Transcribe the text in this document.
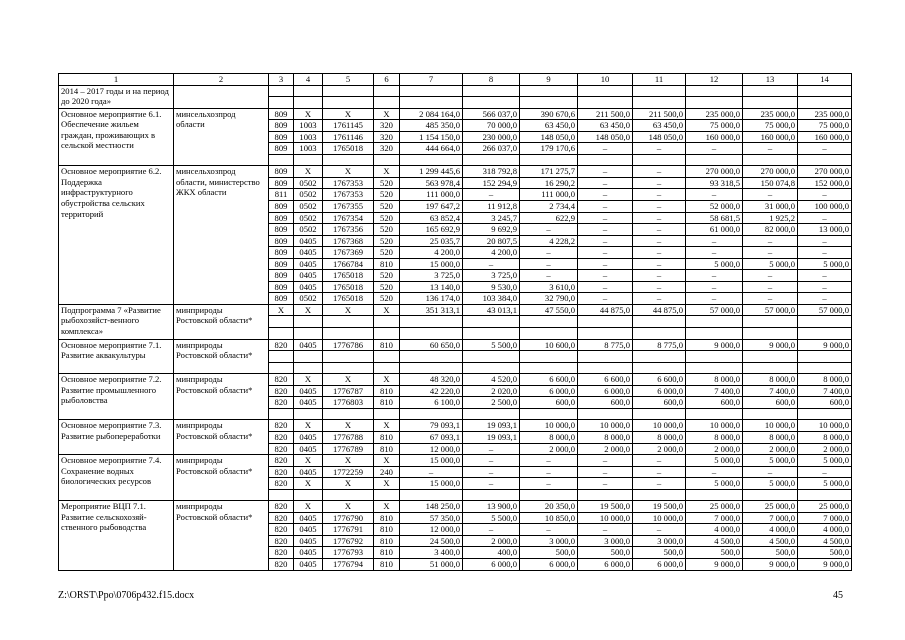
1	2	3	4	5	6	7	8	9	10	11	12	13	14
2014 – 2017 годы и на период до 2020 года»													

Основное мероприятие 6.1. Обеспечение жильем граждан, проживающих в сельской местности	минсельхозпрод области	809	Х	Х	Х	2 084 164,0	566 037,0	390 670,6	211 500,0	211 500,0	235 000,0	235 000,0	235 000,0
		809	1003	1761145	320	485 350,0	70 000,0	63 450,0	63 450,0	63 450,0	75 000,0	75 000,0	75 000,0
		809	1003	1761146	320	1 154 150,0	230 000,0	148 050,0	148 050,0	148 050,0	160 000,0	160 000,0	160 000,0
		809	1003	1765018	320	444 664,0	266 037,0	179 170,6	–	–	–	–	–

Основное мероприятие 6.2. Поддержка инфраструктурного обустройства сельских территорий	минсельхозпрод области, министерство ЖКХ области	809	Х	Х	Х	1 299 445,6	318 792,8	171 275,7	–	–	270 000,0	270 000,0	270 000,0
		809	0502	1767353	520	563 978,4	152 294,9	16 290,2	–	–	93 318,5	150 074,8	152 000,0
		811	0502	1767353	520	111 000,0	–	111 000,0	–	–	–	–	–
		809	0502	1767355	520	197 647,2	11 912,8	2 734,4	–	–	52 000,0	31 000,0	100 000,0
		809	0502	1767354	520	63 852,4	3 245,7	622,9	–	–	58 681,5	1 925,2	–
		809	0502	1767356	520	165 692,9	9 692,9	–	–	–	61 000,0	82 000,0	13 000,0
		809	0405	1767368	520	25 035,7	20 807,5	4 228,2	–	–	–	–	–
		809	0405	1767369	520	4 200,0	4 200,0	–	–	–	–	–	–
		809	0405	1766784	810	15 000,0	–	–	–	–	5 000,0	5 000,0	5 000,0
		809	0405	1765018	520	3 725,0	3 725,0	–	–	–	–	–	–
		809	0405	1765018	520	13 140,0	9 530,0	3 610,0	–	–	–	–	–
		809	0502	1765018	520	136 174,0	103 384,0	32 790,0	–	–	–	–	–
Подпрограмма 7 «Развитие рыбохозяйст-венного комплекса»	минприроды Ростовской области*	Х	Х	Х	Х	351 313,1	43 013,1	47 550,0	44 875,0	44 875,0	57 000,0	57 000,0	57 000,0

Основное мероприятие 7.1. Развитие аквакультуры	минприроды Ростовской области*	820	0405	1776786	810	60 650,0	5 500,0	10 600,0	8 775,0	8 775,0	9 000,0	9 000,0	9 000,0

Основное мероприятие 7.2. Развитие промышленного рыболовства	минприроды Ростовской области*	820	Х	Х	Х	48 320,0	4 520,0	6 600,0	6 600,0	6 600,0	8 000,0	8 000,0	8 000,0
		820	0405	1776787	810	42 220,0	2 020,0	6 000,0	6 000,0	6 000,0	7 400,0	7 400,0	7 400,0
		820	0405	1776803	810	6 100,0	2 500,0	600,0	600,0	600,0	600,0	600,0	600,0

Основное мероприятие 7.3. Развитие рыбопереработки	минприроды Ростовской области*	820	Х	Х	Х	79 093,1	19 093,1	10 000,0	10 000,0	10 000,0	10 000,0	10 000,0	10 000,0
		820	0405	1776788	810	67 093,1	19 093,1	8 000,0	8 000,0	8 000,0	8 000,0	8 000,0	8 000,0
		820	0405	1776789	810	12 000,0	–	2 000,0	2 000,0	2 000,0	2 000,0	2 000,0	2 000,0
Основное мероприятие 7.4. Сохранение водных биологических ресурсов	минприроды Ростовской области*	820	Х	Х	Х	15 000,0	–	–	–	–	5 000,0	5 000,0	5 000,0
		820	0405	1772259	240	–	–	–	–	–	–	–	–
		820	Х	Х	Х	15 000,0	–	–	–	–	5 000,0	5 000,0	5 000,0

Мероприятие ВЦП 7.1. Развитие сельскохозяй-ственного рыбоводства	минприроды Ростовской области*	820	Х	Х	Х	148 250,0	13 900,0	20 350,0	19 500,0	19 500,0	25 000,0	25 000,0	25 000,0
		820	0405	1776790	810	57 350,0	5 500,0	10 850,0	10 000,0	10 000,0	7 000,0	7 000,0	7 000,0
		820	0405	1776791	810	12 000,0	–	–	–	–	4 000,0	4 000,0	4 000,0
		820	0405	1776792	810	24 500,0	2 000,0	3 000,0	3 000,0	3 000,0	4 500,0	4 500,0	4 500,0
		820	0405	1776793	810	3 400,0	400,0	500,0	500,0	500,0	500,0	500,0	500,0
		820	0405	1776794	810	51 000,0	6 000,0	6 000,0	6 000,0	6 000,0	9 000,0	9 000,0	9 000,0
Z:\ORST\Ppo\0706p432.f15.docx	45
